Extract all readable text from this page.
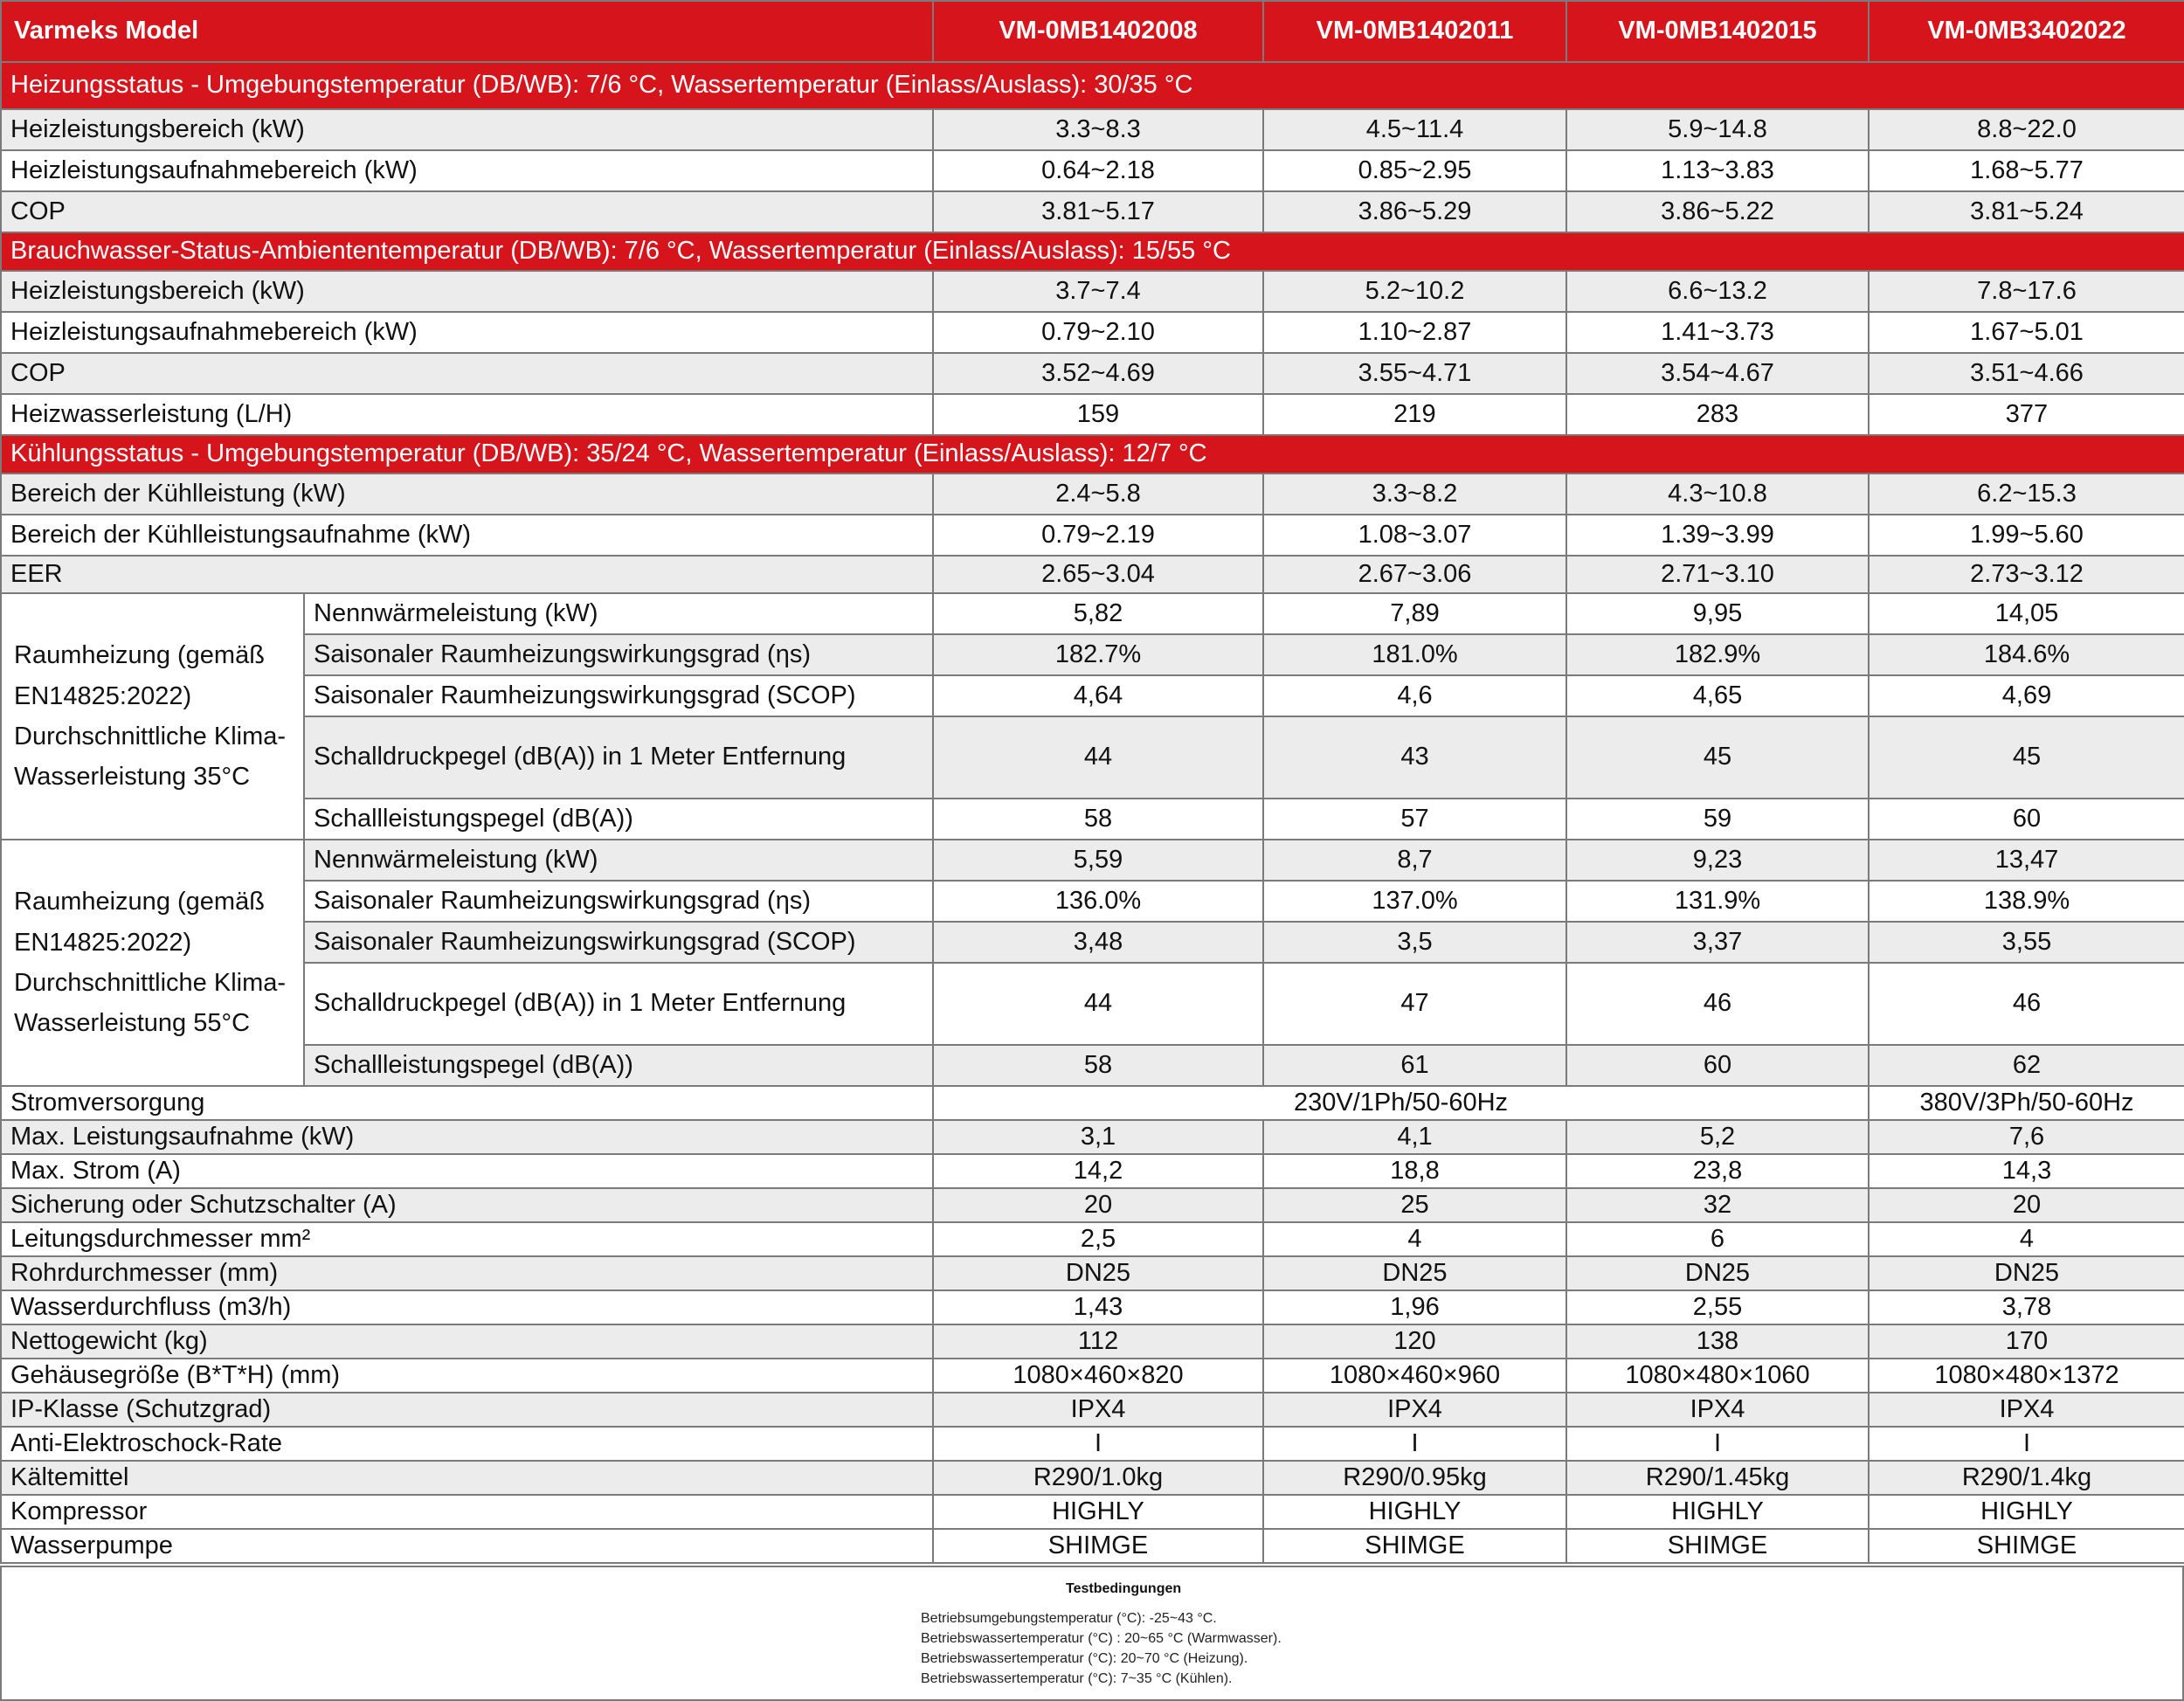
Varmeks Model		VM-0MB1402008	VM-0MB1402011	VM-0MB1402015	VM-0MB3402022
Heizungsstatus - Umgebungstemperatur (DB/WB): 7/6 °C, Wassertemperatur (Einlass/Auslass): 30/35 °C					
Heizleistungsbereich (kW)		3.3~8.3	4.5~11.4	5.9~14.8	8.8~22.0
Heizleistungsaufnahmebereich (kW)		0.64~2.18	0.85~2.95	1.13~3.83	1.68~5.77
COP		3.81~5.17	3.86~5.29	3.86~5.22	3.81~5.24
Brauchwasser-Status-Ambiententemperatur (DB/WB): 7/6 °C, Wassertemperatur (Einlass/Auslass): 15/55 °C					
Heizleistungsbereich (kW)		3.7~7.4	5.2~10.2	6.6~13.2	7.8~17.6
Heizleistungsaufnahmebereich (kW)		0.79~2.10	1.10~2.87	1.41~3.73	1.67~5.01
COP		3.52~4.69	3.55~4.71	3.54~4.67	3.51~4.66
Heizwasserleistung (L/H)		159	219	283	377
Kühlungsstatus - Umgebungstemperatur (DB/WB): 35/24 °C, Wassertemperatur (Einlass/Auslass): 12/7 °C					
Bereich der Kühlleistung (kW)		2.4~5.8	3.3~8.2	4.3~10.8	6.2~15.3
Bereich der Kühlleistungsaufnahme (kW)		0.79~2.19	1.08~3.07	1.39~3.99	1.99~5.60
EER		2.65~3.04	2.67~3.06	2.71~3.10	2.73~3.12
Raumheizung (gemäß EN14825:2022) Durchschnittliche Klima-Wasserleistung 35°C	Nennwärmeleistung (kW)	5,82	7,89	9,95	14,05
	Saisonaler Raumheizungswirkungsgrad (ηs)	182.7%	181.0%	182.9%	184.6%
	Saisonaler Raumheizungswirkungsgrad (SCOP)	4,64	4,6	4,65	4,69
	Schalldruckpegel (dB(A)) in 1 Meter Entfernung	44	43	45	45
	Schallleistungspegel (dB(A))	58	57	59	60
Raumheizung (gemäß EN14825:2022) Durchschnittliche Klima-Wasserleistung 55°C	Nennwärmeleistung (kW)	5,59	8,7	9,23	13,47
	Saisonaler Raumheizungswirkungsgrad (ηs)	136.0%	137.0%	131.9%	138.9%
	Saisonaler Raumheizungswirkungsgrad (SCOP)	3,48	3,5	3,37	3,55
	Schalldruckpegel (dB(A)) in 1 Meter Entfernung	44	47	46	46
	Schallleistungspegel (dB(A))	58	61	60	62
Stromversorgung		230V/1Ph/50-60Hz			380V/3Ph/50-60Hz
Max. Leistungsaufnahme (kW)		3,1	4,1	5,2	7,6
Max. Strom (A)		14,2	18,8	23,8	14,3
Sicherung oder Schutzschalter (A)		20	25	32	20
Leitungsdurchmesser mm²		2,5	4	6	4
Rohrdurchmesser (mm)		DN25	DN25	DN25	DN25
Wasserdurchfluss (m3/h)		1,43	1,96	2,55	3,78
Nettogewicht (kg)		112	120	138	170
Gehäusegröße (B*T*H) (mm)		1080×460×820	1080×460×960	1080×480×1060	1080×480×1372
IP-Klasse (Schutzgrad)		IPX4	IPX4	IPX4	IPX4
Anti-Elektroschock-Rate		I	I	I	I
Kältemittel		R290/1.0kg	R290/0.95kg	R290/1.45kg	R290/1.4kg
Kompressor		HIGHLY	HIGHLY	HIGHLY	HIGHLY
Wasserpumpe		SHIMGE	SHIMGE	SHIMGE	SHIMGE
Testbedingungen
Betriebsumgebungstemperatur (°C): -25~43 °C.
Betriebswassertemperatur (°C) : 20~65 °C (Warmwasser).
Betriebswassertemperatur (°C): 20~70 °C (Heizung).
Betriebswassertemperatur (°C): 7~35 °C (Kühlen).
